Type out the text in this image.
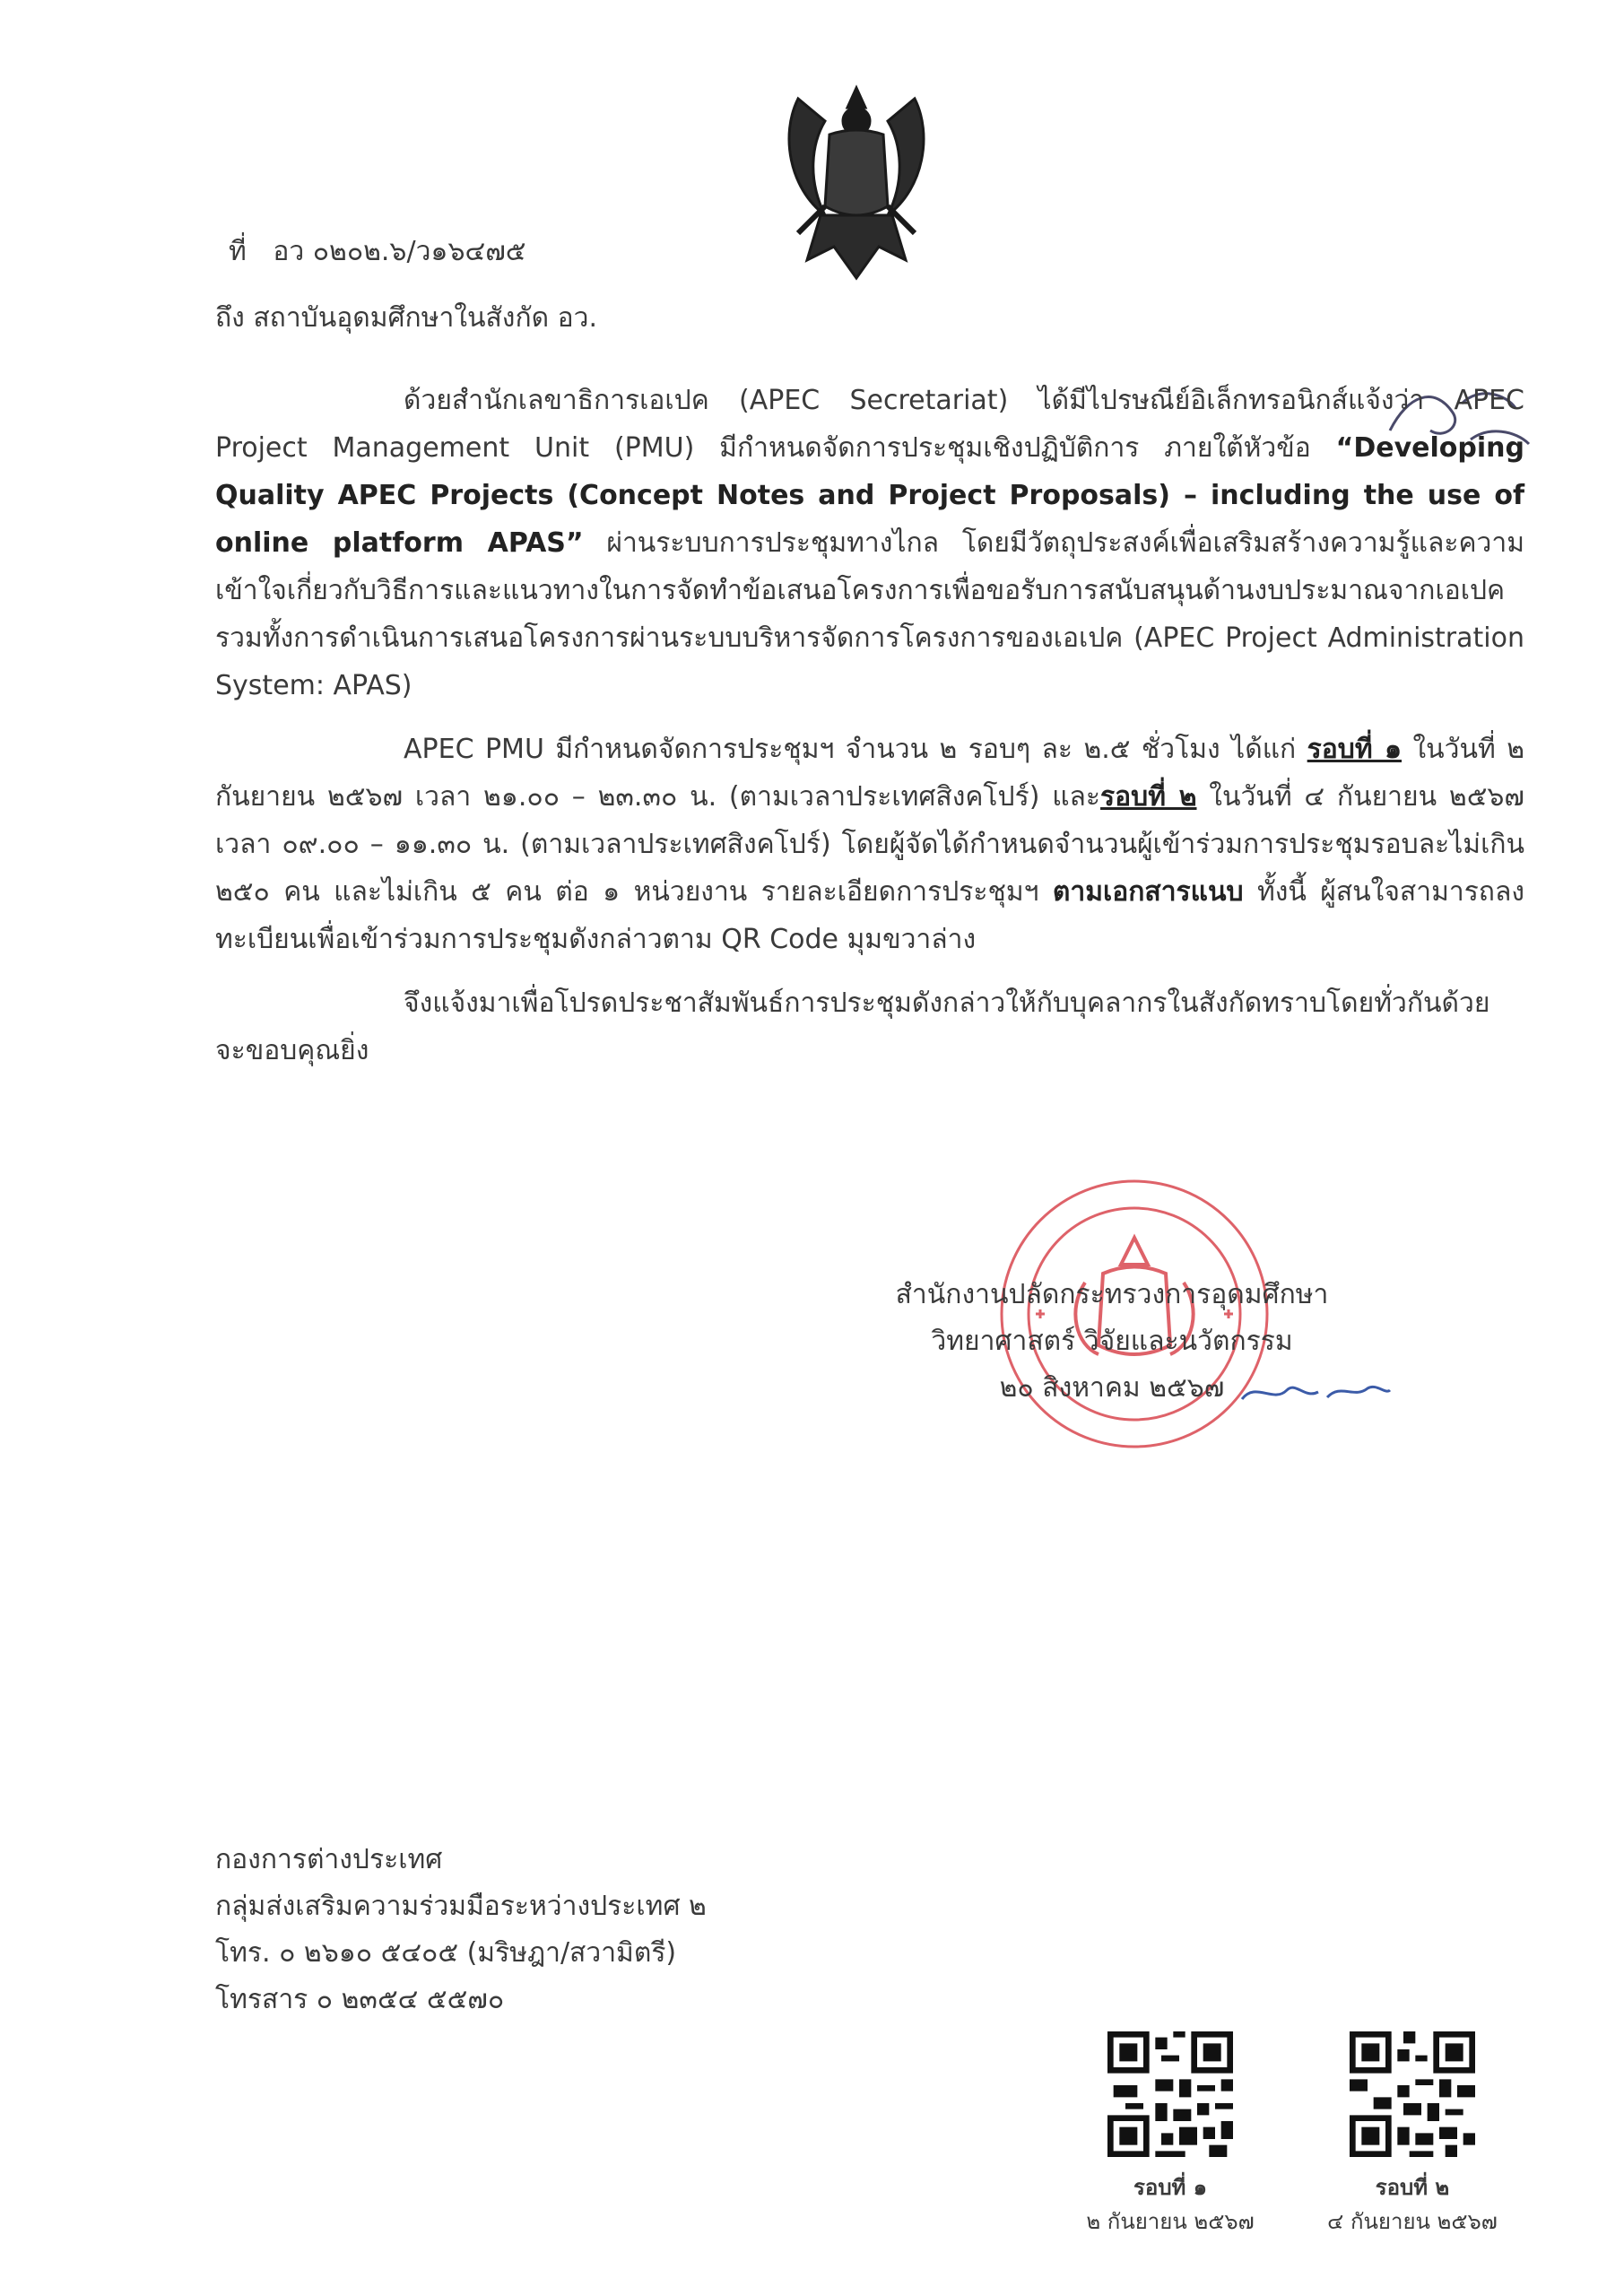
ที่ อว ๐๒๐๒.๖/ว๑๖๔๗๕
ถึง สถาบันอุดมศึกษาในสังกัด อว.

ด้วยสำนักเลขาธิการเอเปค (APEC Secretariat) ได้มีไปรษณีย์อิเล็กทรอนิกส์แจ้งว่า APEC Project Management Unit (PMU) มีกำหนดจัดการประชุมเชิงปฏิบัติการ ภายใต้หัวข้อ “Developing Quality APEC Projects (Concept Notes and Project Proposals) – including the use of online platform APAS” ผ่านระบบการประชุมทางไกล โดยมีวัตถุประสงค์เพื่อเสริมสร้างความรู้และความเข้าใจเกี่ยวกับวิธีการและแนวทางในการจัดทำข้อเสนอโครงการเพื่อขอรับการสนับสนุนด้านงบประมาณจากเอเปค รวมทั้งการดำเนินการเสนอโครงการผ่านระบบบริหารจัดการโครงการของเอเปค (APEC Project Administration System: APAS)

APEC PMU มีกำหนดจัดการประชุมฯ จำนวน ๒ รอบๆ ละ ๒.๕ ชั่วโมง ได้แก่ รอบที่ ๑ ในวันที่ ๒ กันยายน ๒๕๖๗ เวลา ๒๑.๐๐ – ๒๓.๓๐ น. (ตามเวลาประเทศสิงคโปร์) และรอบที่ ๒ ในวันที่ ๔ กันยายน ๒๕๖๗ เวลา ๐๙.๐๐ – ๑๑.๓๐ น. (ตามเวลาประเทศสิงคโปร์) โดยผู้จัดได้กำหนดจำนวนผู้เข้าร่วมการประชุมรอบละไม่เกิน ๒๕๐ คน และไม่เกิน ๕ คน ต่อ ๑ หน่วยงาน รายละเอียดการประชุมฯ ตามเอกสารแนบ ทั้งนี้ ผู้สนใจสามารถลงทะเบียนเพื่อเข้าร่วมการประชุมดังกล่าวตาม QR Code มุมขวาล่าง

จึงแจ้งมาเพื่อโปรดประชาสัมพันธ์การประชุมดังกล่าวให้กับบุคลากรในสังกัดทราบโดยทั่วกันด้วย จะขอบคุณยิ่ง

สำนักงานปลัดกระทรวงการอุดมศึกษา
วิทยาศาสตร์ วิจัยและนวัตกรรม
๒๐ สิงหาคม ๒๕๖๗
กองการต่างประเทศ
กลุ่มส่งเสริมความร่วมมือระหว่างประเทศ ๒
โทร. ๐ ๒๖๑๐ ๕๔๐๕ (มริษฎา/สวามิตรี)
โทรสาร ๐ ๒๓๕๔ ๕๕๗๐
รอบที่ ๑
๒ กันยายน ๒๕๖๗
รอบที่ ๒
๔ กันยายน ๒๕๖๗
